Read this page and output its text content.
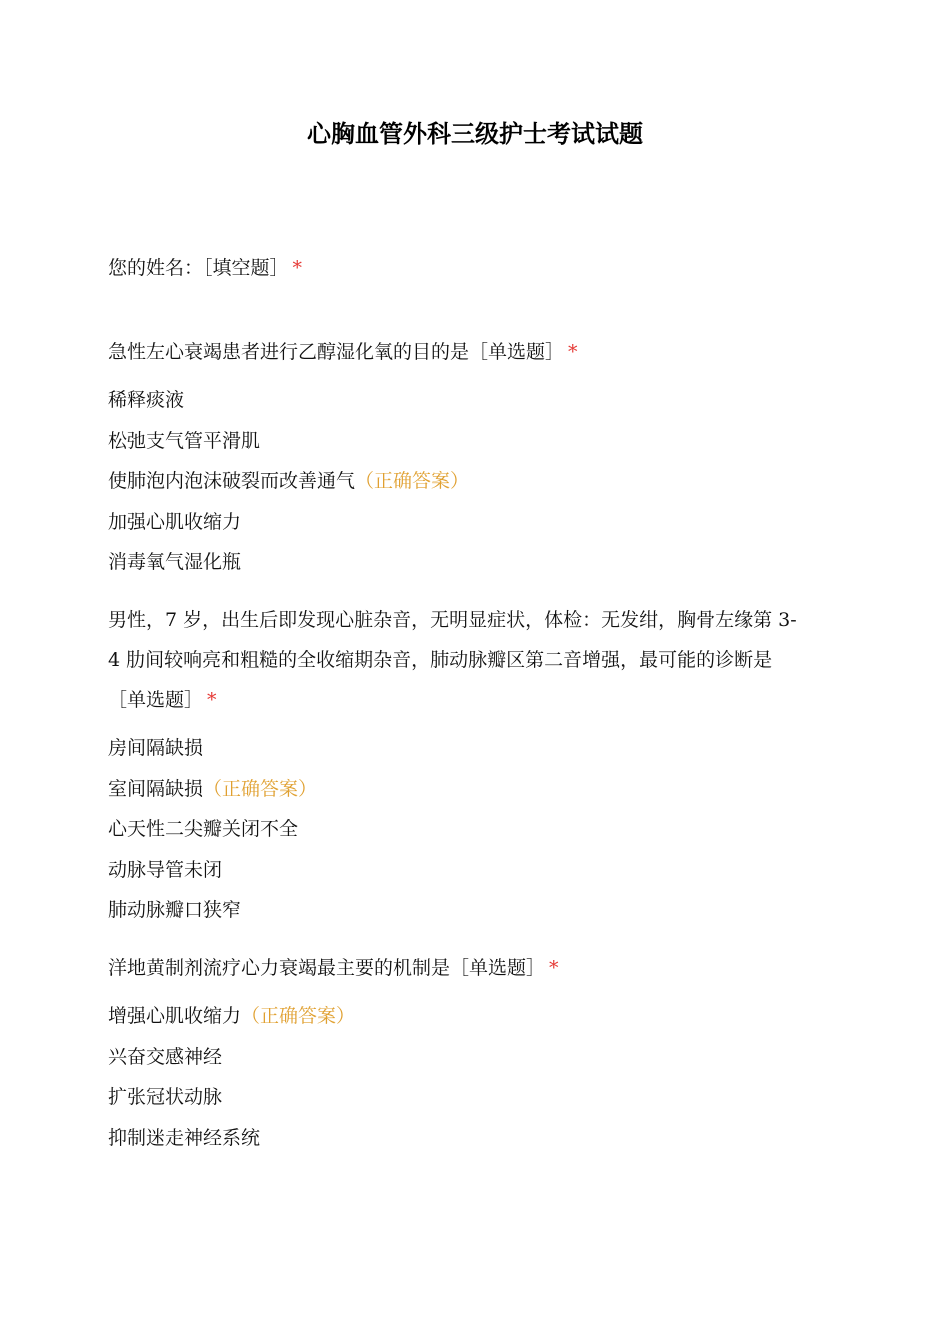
心胸血管外科三级护士考试试题
您的姓名：［填空题］ *
急性左心衰竭患者进行乙醇湿化氧的目的是［单选题］ *
稀释痰液
松弛支气管平滑肌
使肺泡内泡沫破裂而改善通气（正确答案）
加强心肌收缩力
消毒氧气湿化瓶
男性，7 岁，出生后即发现心脏杂音，无明显症状，体检：无发绀，胸骨左缘第 3-
4 肋间较响亮和粗糙的全收缩期杂音，肺动脉瓣区第二音增强，最可能的诊断是
［单选题］ *
房间隔缺损
室间隔缺损（正确答案）
心天性二尖瓣关闭不全
动脉导管未闭
肺动脉瓣口狭窄
洋地黄制剂流疗心力衰竭最主要的机制是［单选题］ *
增强心肌收缩力（正确答案）
兴奋交感神经
扩张冠状动脉
抑制迷走神经系统
